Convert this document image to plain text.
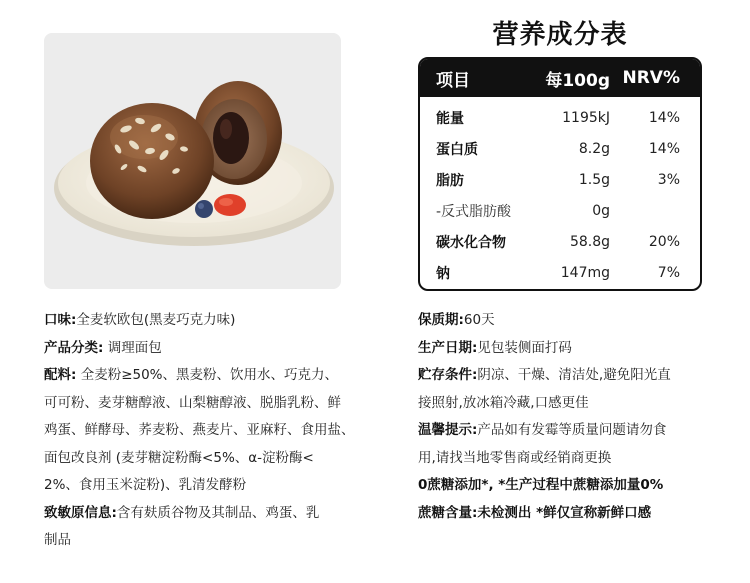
营养成分表
项目	每100g NRV%
能量	1195kJ	14%
蛋白质	8.2g	14%
脂肪	1.5g	3%
-反式脂肪酸	0g
碳水化合物	58.8g	20%
钠	147mg	7%

口味:全麦软欧包(黑麦巧克力味)

产品分类: 调理面包

配料: 全麦粉≥50%、黑麦粉、饮用水、巧克力、

可可粉、麦芽糖醇液、山梨糖醇液、脱脂乳粉、鲜

鸡蛋、鲜酵母、荞麦粉、燕麦片、亚麻籽、食用盐、

面包改良剂 (麦芽糖淀粉酶<5%、α-淀粉酶<

2%、食用玉米淀粉)、乳清发酵粉

致敏原信息:含有麸质谷物及其制品、鸡蛋、乳

制品

保质期:60天

生产日期:见包装侧面打码

贮存条件:阴凉、干燥、清洁处,避免阳光直

接照射,放冰箱冷藏,口感更佳

温馨提示:产品如有发霉等质量问题请勿食

用,请找当地零售商或经销商更换

0蔗糖添加*, *生产过程中蔗糖添加量0%

蔗糖含量:未检测出 *鲜仅宣称新鲜口感
